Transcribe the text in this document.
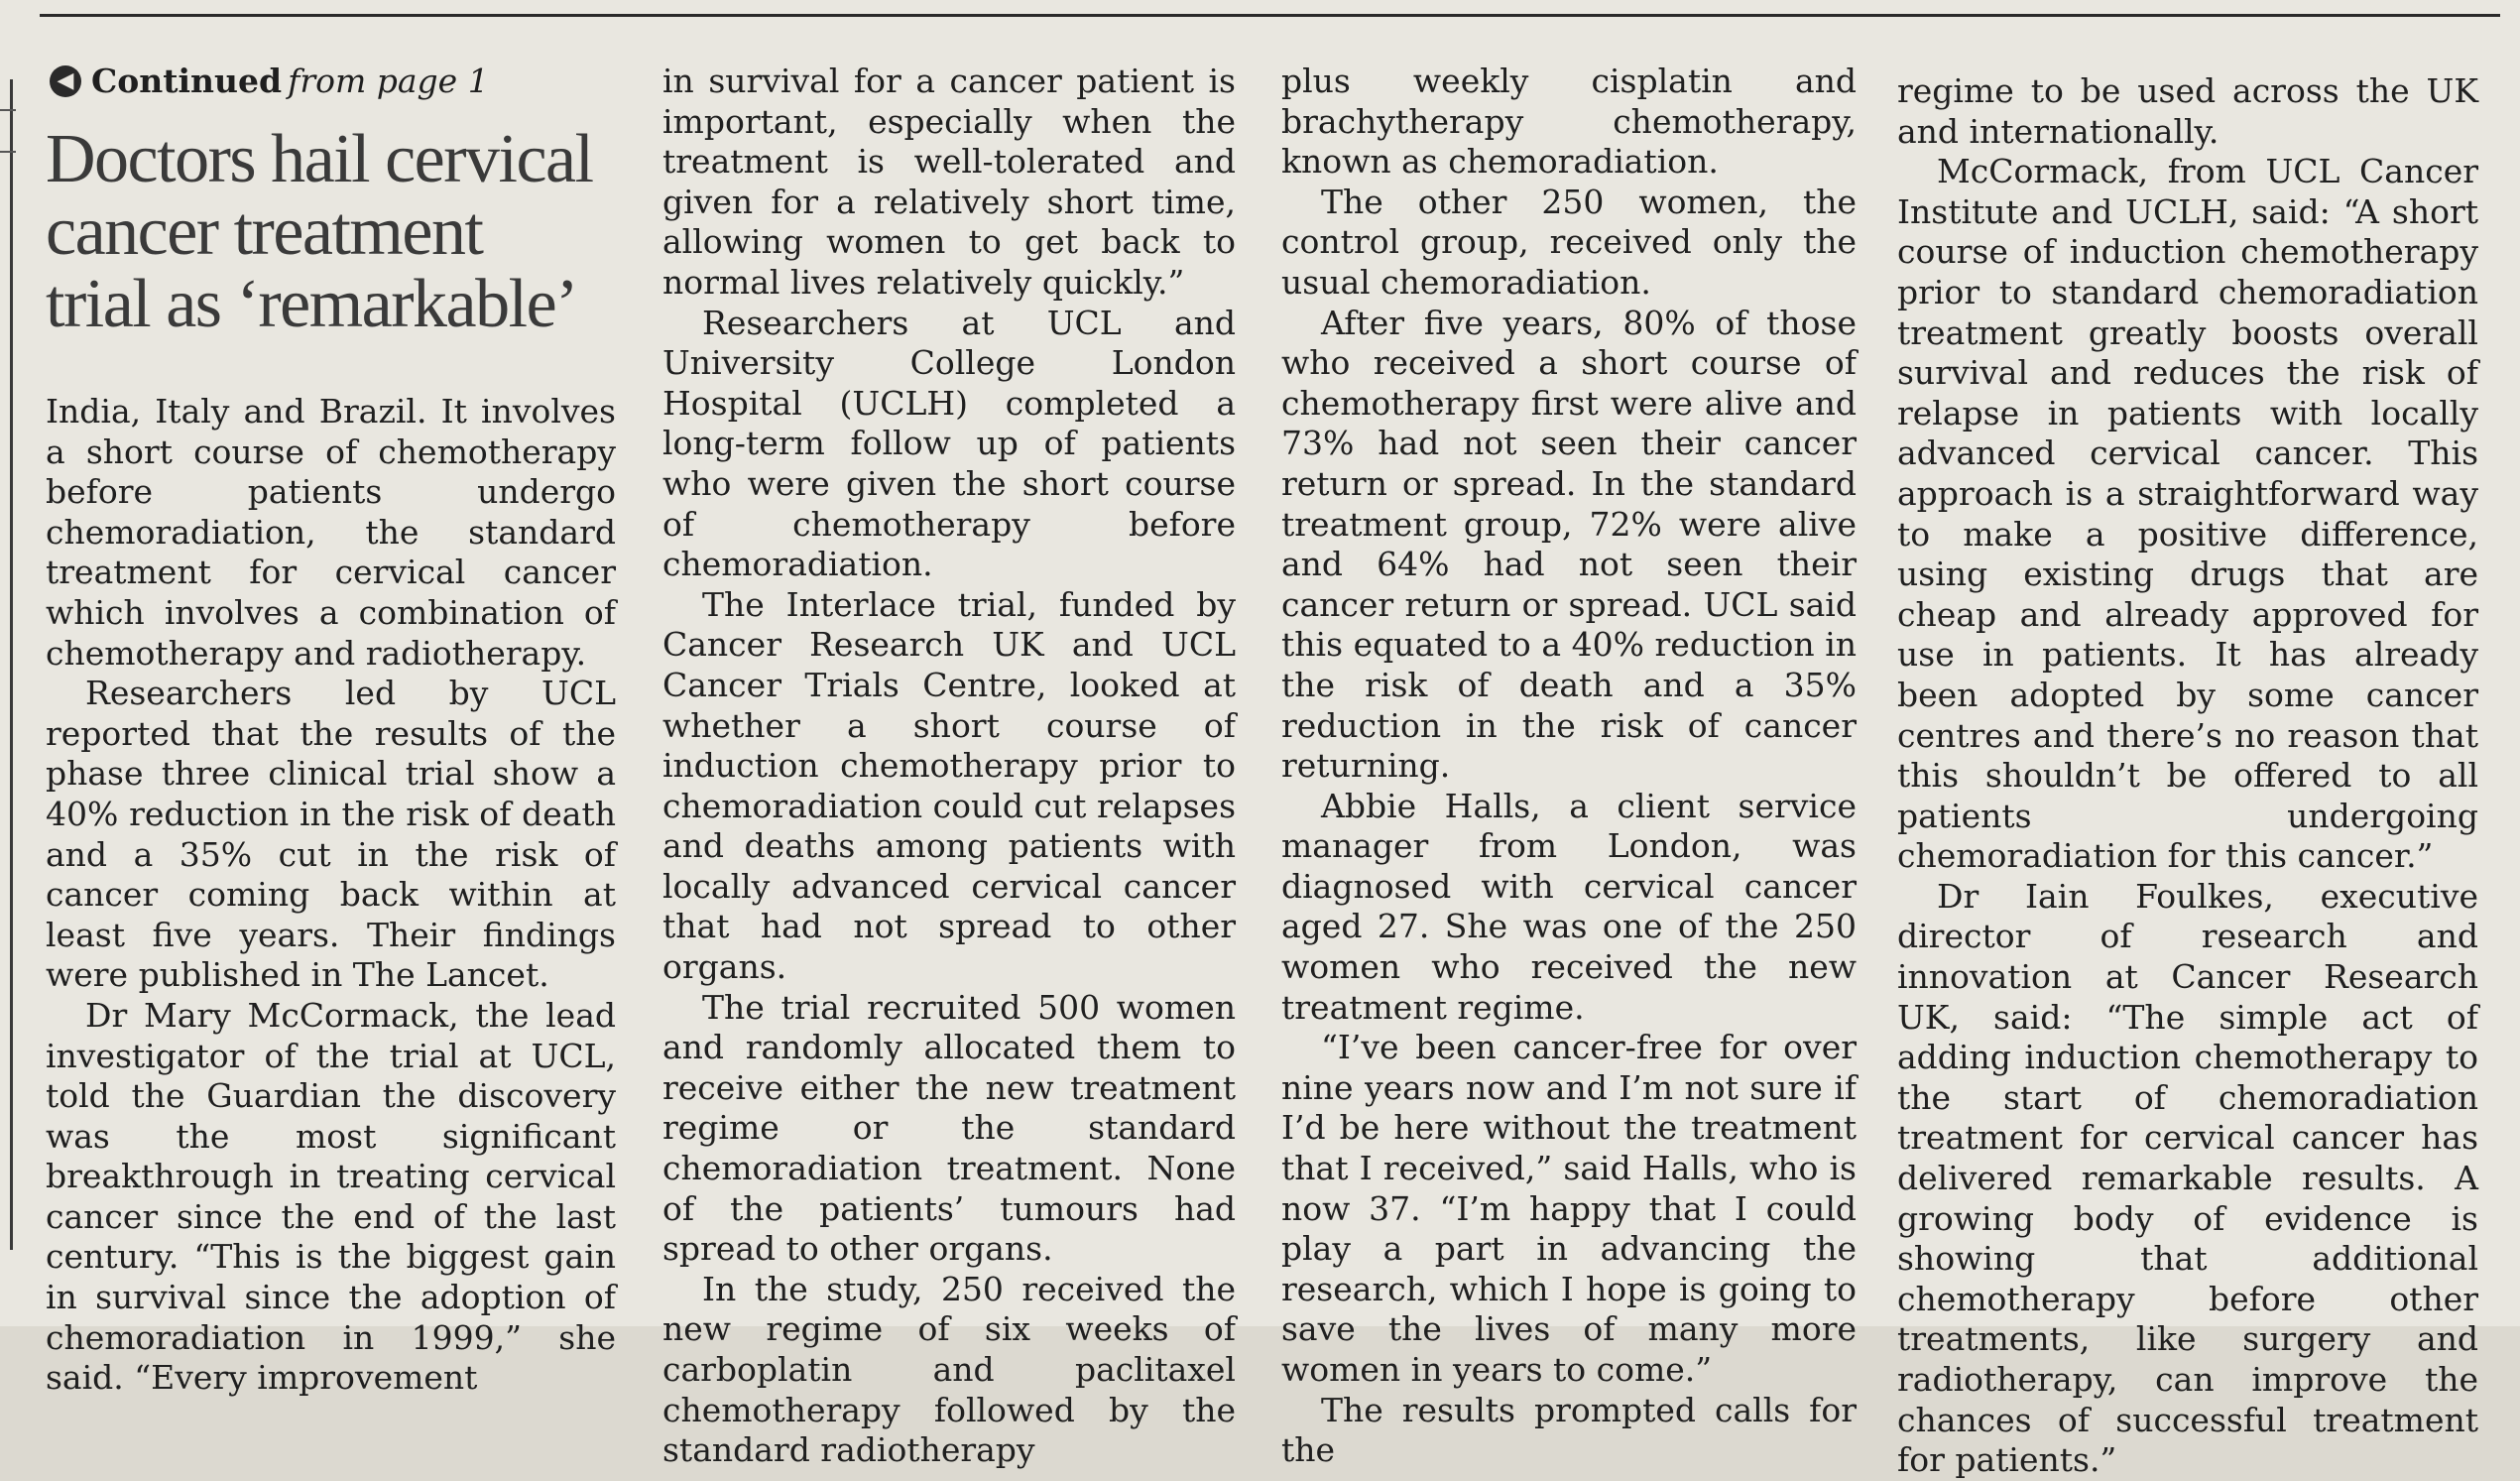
◀ Continued from page 1
Doctors hail cervical
cancer treatment
trial as ‘remarkable’

India, Italy and Brazil. It involves a short course of chemotherapy before patients undergo chemoradiation, the standard treatment for cervical cancer which involves a combination of chemotherapy and radiotherapy.

Researchers led by UCL reported that the results of the phase three clinical trial show a 40% reduction in the risk of death and a 35% cut in the risk of cancer coming back within at least five years. Their findings were published in The Lancet.

Dr Mary McCormack, the lead investigator of the trial at UCL, told the Guardian the discovery was the most significant breakthrough in treating cervical cancer since the end of the last century. “This is the biggest gain in survival since the adoption of chemoradiation in 1999,” she said. “Every improvement

in survival for a cancer patient is important, especially when the treatment is well-tolerated and given for a relatively short time, allowing women to get back to normal lives relatively quickly.”

Researchers at UCL and University College London Hospital (UCLH) completed a long-term follow up of patients who were given the short course of chemotherapy before chemoradiation.

The Interlace trial, funded by Cancer Research UK and UCL Cancer Trials Centre, looked at whether a short course of induction chemotherapy prior to chemoradiation could cut relapses and deaths among patients with locally advanced cervical cancer that had not spread to other organs.

The trial recruited 500 women and randomly allocated them to receive either the new treatment regime or the standard chemoradiation treatment. None of the patients’ tumours had spread to other organs.

In the study, 250 received the new regime of six weeks of carboplatin and paclitaxel chemotherapy followed by the standard radiotherapy

plus weekly cisplatin and brachytherapy chemotherapy, known as chemoradiation.

The other 250 women, the control group, received only the usual chemoradiation.

After five years, 80% of those who received a short course of chemotherapy first were alive and 73% had not seen their cancer return or spread. In the standard treatment group, 72% were alive and 64% had not seen their cancer return or spread. UCL said this equated to a 40% reduction in the risk of death and a 35% reduction in the risk of cancer returning.

Abbie Halls, a client service manager from London, was diagnosed with cervical cancer aged 27. She was one of the 250 women who received the new treatment regime.

“I’ve been cancer-free for over nine years now and I’m not sure if I’d be here without the treatment that I received,” said Halls, who is now 37. “I’m happy that I could play a part in advancing the research, which I hope is going to save the lives of many more women in years to come.”

The results prompted calls for the

regime to be used across the UK and internationally.

McCormack, from UCL Cancer Institute and UCLH, said: “A short course of induction chemotherapy prior to standard chemoradiation treatment greatly boosts overall survival and reduces the risk of relapse in patients with locally advanced cervical cancer. This approach is a straightforward way to make a positive difference, using existing drugs that are cheap and already approved for use in patients. It has already been adopted by some cancer centres and there’s no reason that this shouldn’t be offered to all patients undergoing chemoradiation for this cancer.”

Dr Iain Foulkes, executive director of research and innovation at Cancer Research UK, said: “The simple act of adding induction chemotherapy to the start of chemoradiation treatment for cervical cancer has delivered remarkable results. A growing body of evidence is showing that additional chemotherapy before other treatments, like surgery and radiotherapy, can improve the chances of successful treatment for patients.”
